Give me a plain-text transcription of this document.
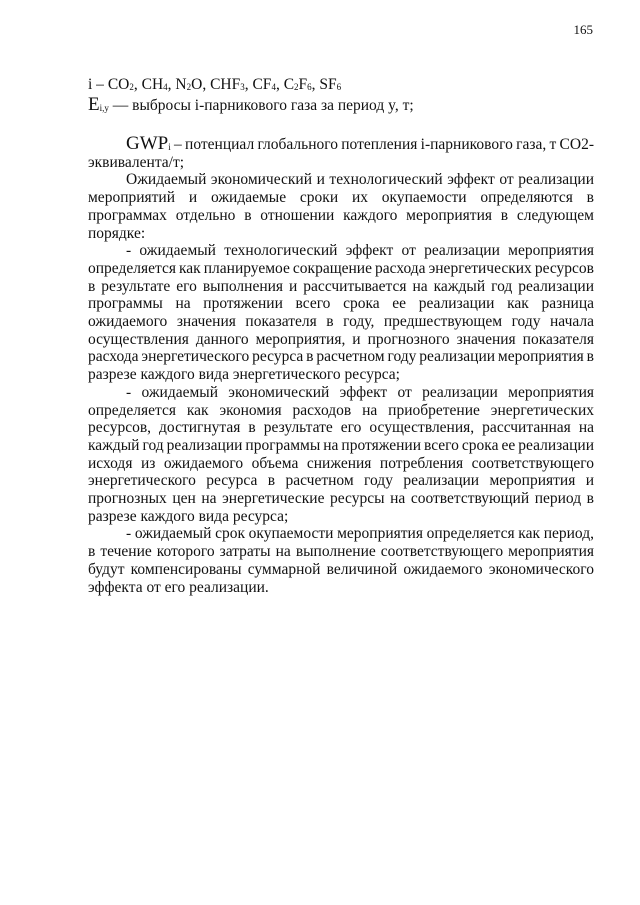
165
i – $CO_2$, $CH_4$, $N_2O$, $CHF_3$, $CF_4$, $C_2F_6$, $SF_6$
$E_{i,y}$ — выбросы i-парникового газа за период y, т;
$GWP_i$ – потенциал глобального потепления i-парникового газа, т CO2-
эквивалента/т;
Ожидаемый экономический и технологический эффект от реализации
мероприятий и ожидаемые сроки их окупаемости определяются в
программах отдельно в отношении каждого мероприятия в следующем
порядке:
- ожидаемый технологический эффект от реализации мероприятия
определяется как планируемое сокращение расхода энергетических ресурсов
в результате его выполнения и рассчитывается на каждый год реализации
программы на протяжении всего срока ее реализации как разница
ожидаемого значения показателя в году, предшествующем году начала
осуществления данного мероприятия, и прогнозного значения показателя
расхода энергетического ресурса в расчетном году реализации мероприятия в
разрезе каждого вида энергетического ресурса;
- ожидаемый экономический эффект от реализации мероприятия
определяется как экономия расходов на приобретение энергетических
ресурсов, достигнутая в результате его осуществления, рассчитанная на
каждый год реализации программы на протяжении всего срока ее реализации
исходя из ожидаемого объема снижения потребления соответствующего
энергетического ресурса в расчетном году реализации мероприятия и
прогнозных цен на энергетические ресурсы на соответствующий период в
разрезе каждого вида ресурса;
- ожидаемый срок окупаемости мероприятия определяется как период,
в течение которого затраты на выполнение соответствующего мероприятия
будут компенсированы суммарной величиной ожидаемого экономического
эффекта от его реализации.
